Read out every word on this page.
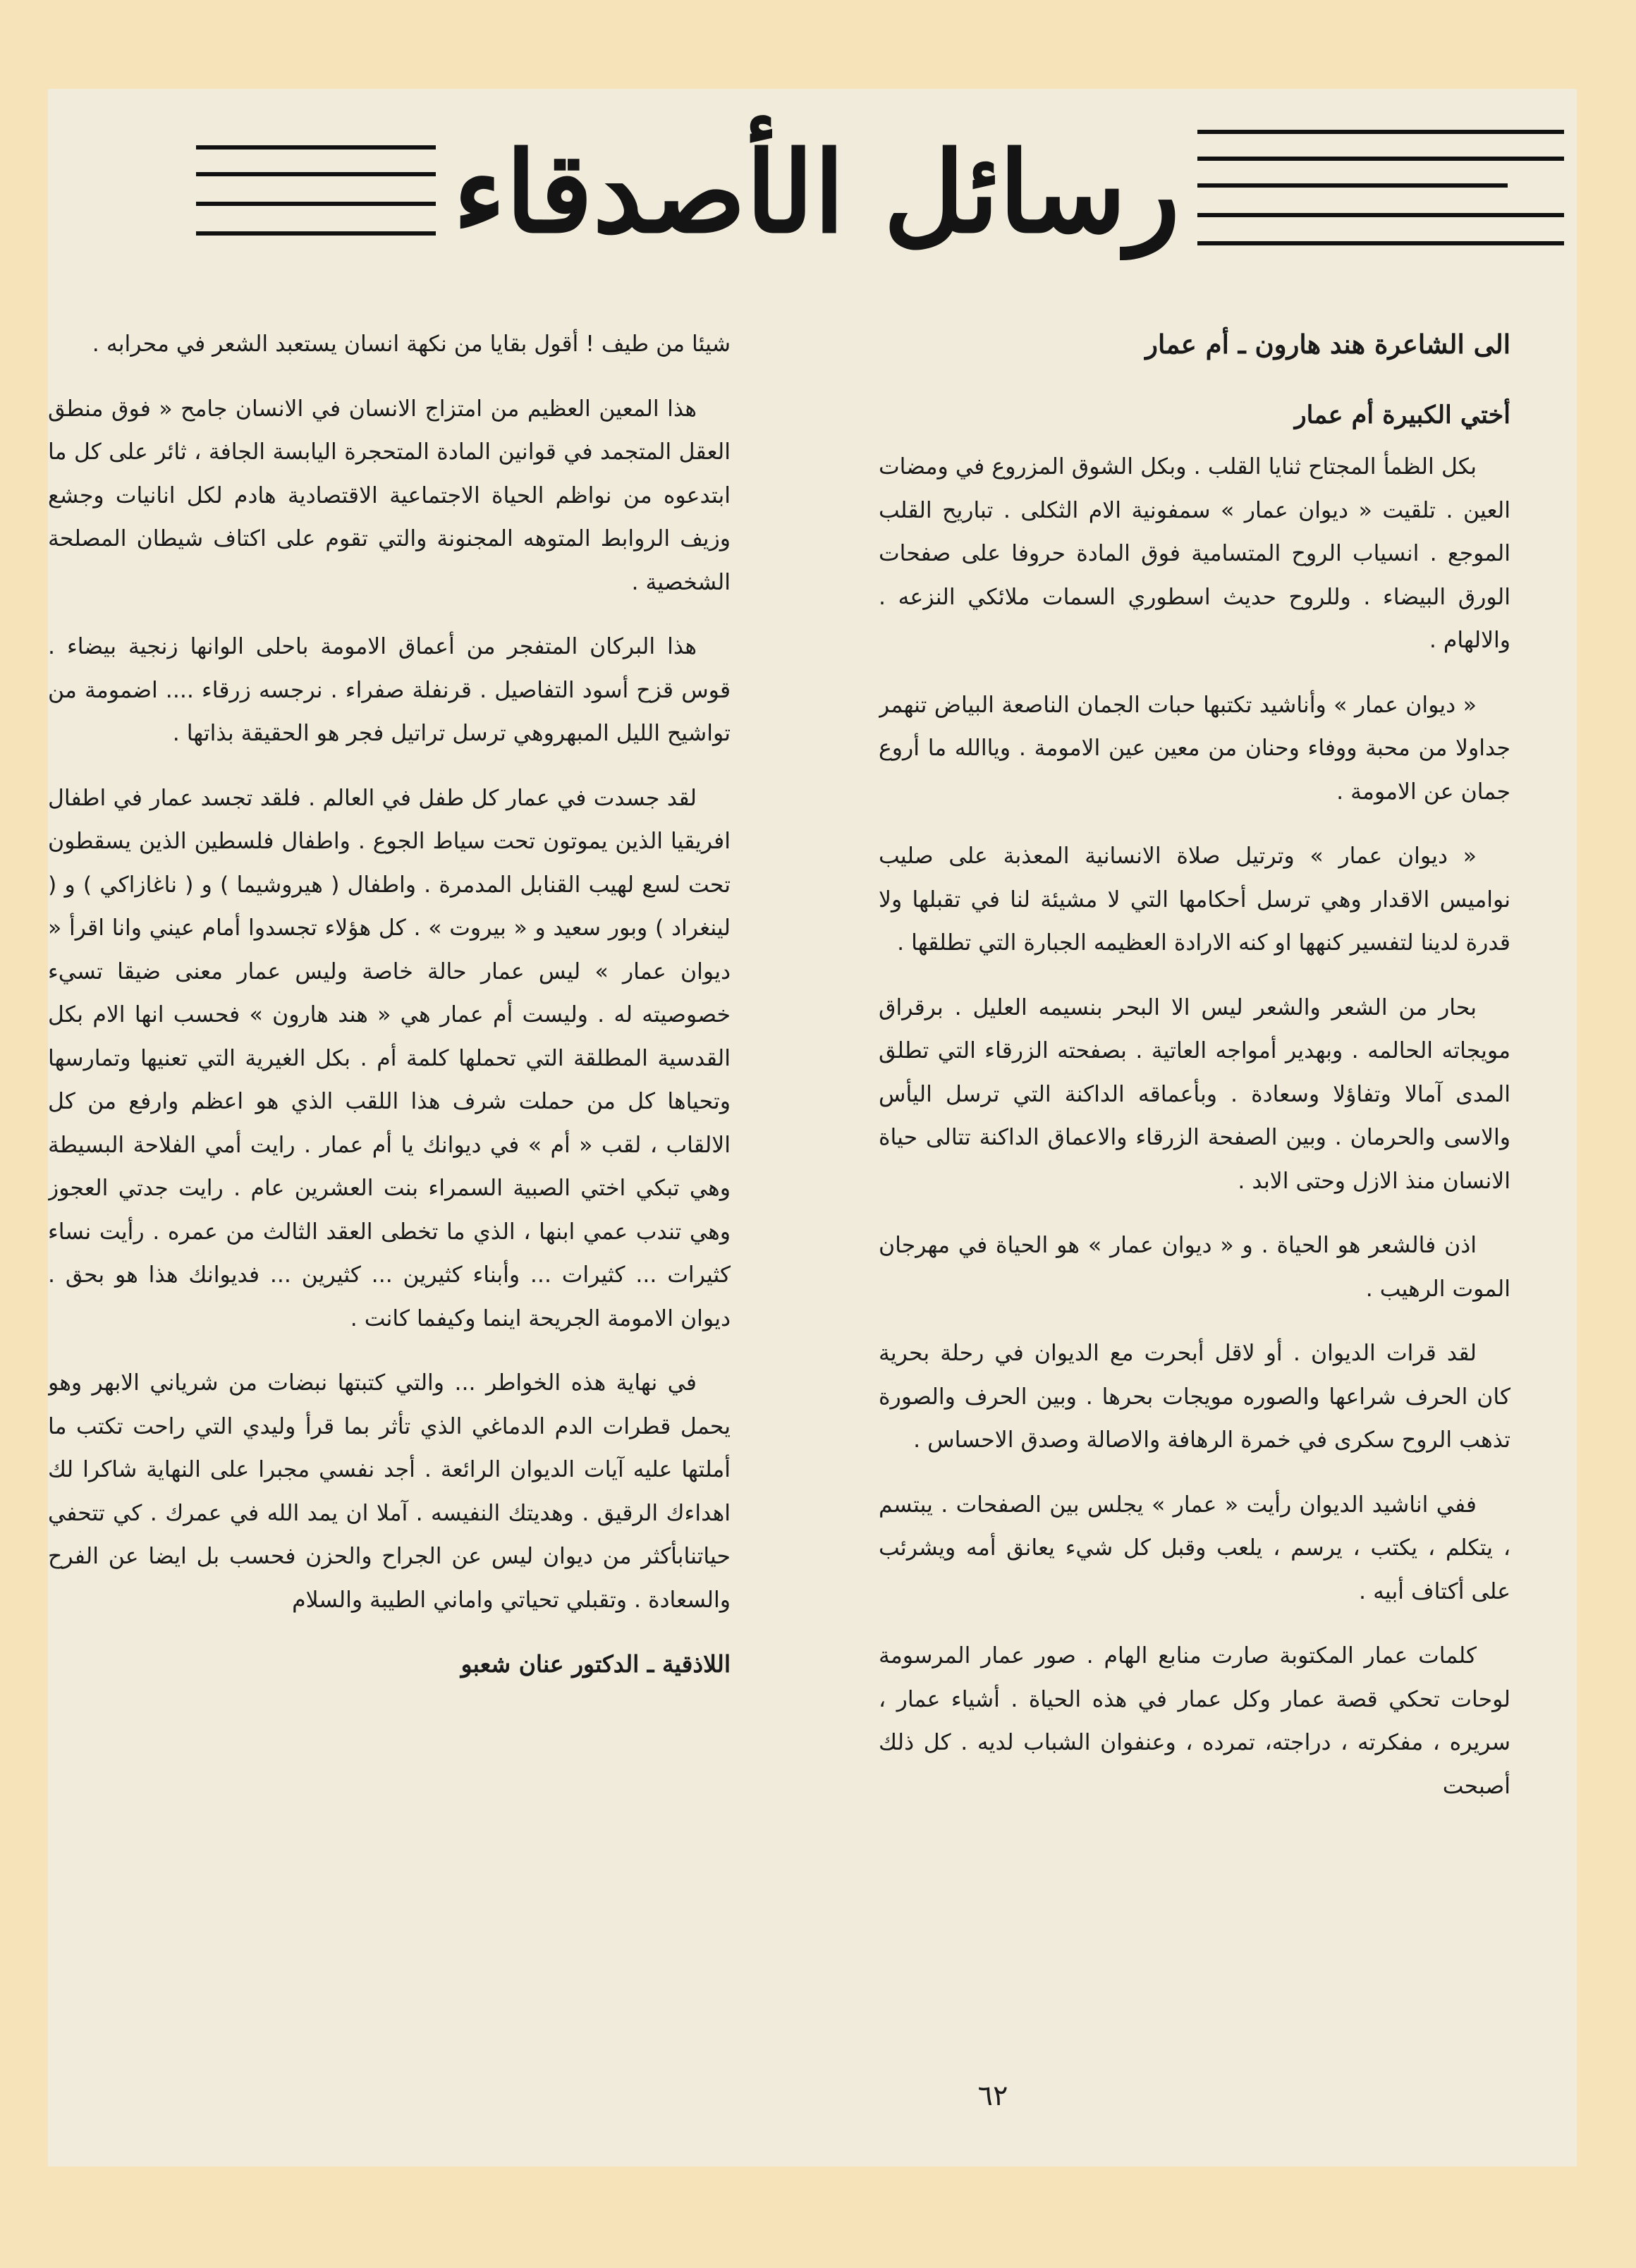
رسائل الأصدقاء
الى الشاعرة هند هارون ـ أم عمار
أختي الكبيرة أم عمار

بكل الظمأ المجتاح ثنايا القلب . وبكل الشوق المزروع في ومضات العين . تلقيت « ديوان عمار » سمفونية الام الثكلى . تباريح القلب الموجع . انسياب الروح المتسامية فوق المادة حروفا على صفحات الورق البيضاء . وللروح حديث اسطوري السمات ملائكي النزعه . والالهام .

« ديوان عمار » وأناشيد تكتبها حبات الجمان الناصعة البياض تنهمر جداولا من محبة ووفاء وحنان من معين عين الامومة . وياالله ما أروع جمان عن الامومة .

« ديوان عمار » وترتيل صلاة الانسانية المعذبة على صليب نواميس الاقدار وهي ترسل أحكامها التي لا مشيئة لنا في تقبلها ولا قدرة لدينا لتفسير كنهها او كنه الارادة العظيمه الجبارة التي تطلقها .

بحار من الشعر والشعر ليس الا البحر بنسيمه العليل . برقراق مويجاته الحالمه . وبهدير أمواجه العاتية . بصفحته الزرقاء التي تطلق المدى آمالا وتفاؤلا وسعادة . وبأعماقه الداكنة التي ترسل اليأس والاسى والحرمان . وبين الصفحة الزرقاء والاعماق الداكنة تتالى حياة الانسان منذ الازل وحتى الابد .

اذن فالشعر هو الحياة . و « ديوان عمار » هو الحياة في مهرجان الموت الرهيب .

لقد قرات الديوان . أو لاقل أبحرت مع الديوان في رحلة بحرية كان الحرف شراعها والصوره مويجات بحرها . وبين الحرف والصورة تذهب الروح سكرى في خمرة الرهافة والاصالة وصدق الاحساس .

ففي اناشيد الديوان رأيت « عمار » يجلس بين الصفحات . يبتسم ، يتكلم ، يكتب ، يرسم ، يلعب وقبل كل شيء يعانق أمه ويشرئب على أكتاف أبيه .

كلمات عمار المكتوبة صارت منابع الهام . صور عمار المرسومة لوحات تحكي قصة عمار وكل عمار في هذه الحياة . أشياء عمار ، سريره ، مفكرته ، دراجته، تمرده ، وعنفوان الشباب لديه . كل ذلك أصبحت

شيئا من طيف ! أقول بقايا من نكهة انسان يستعبد الشعر في محرابه .

هذا المعين العظيم من امتزاج الانسان في الانسان جامح « فوق منطق العقل المتجمد في قوانين المادة المتحجرة اليابسة الجافة ، ثائر على كل ما ابتدعوه من نواظم الحياة الاجتماعية الاقتصادية هادم لكل انانيات وجشع وزيف الروابط المتوهه المجنونة والتي تقوم على اكتاف شيطان المصلحة الشخصية .

هذا البركان المتفجر من أعماق الامومة باحلى الوانها زنجية بيضاء . قوس قزح أسود التفاصيل . قرنفلة صفراء . نرجسه زرقاء .... اضمومة من تواشيح الليل المبهروهي ترسل تراتيل فجر هو الحقيقة بذاتها .

لقد جسدت في عمار كل طفل في العالم . فلقد تجسد عمار في اطفال افريقيا الذين يموتون تحت سياط الجوع . واطفال فلسطين الذين يسقطون تحت لسع لهيب القنابل المدمرة . واطفال ( هيروشيما ) و ( ناغازاكي ) و ( لينغراد ) وبور سعيد و « بيروت » . كل هؤلاء تجسدوا أمام عيني وانا اقرأ « ديوان عمار » ليس عمار حالة خاصة وليس عمار معنى ضيقا تسيء خصوصيته له . وليست أم عمار هي « هند هارون » فحسب انها الام بكل القدسية المطلقة التي تحملها كلمة أم . بكل الغيرية التي تعنيها وتمارسها وتحياها كل من حملت شرف هذا اللقب الذي هو اعظم وارفع من كل الالقاب ، لقب « أم » في ديوانك يا أم عمار . رايت أمي الفلاحة البسيطة وهي تبكي اختي الصبية السمراء بنت العشرين عام . رايت جدتي العجوز وهي تندب عمي ابنها ، الذي ما تخطى العقد الثالث من عمره . رأيت نساء كثيرات ... كثيرات ... وأبناء كثيرين ... كثيرين ... فديوانك هذا هو بحق . ديوان الامومة الجريحة اينما وكيفما كانت .

في نهاية هذه الخواطر ... والتي كتبتها نبضات من شرياني الابهر وهو يحمل قطرات الدم الدماغي الذي تأثر بما قرأ وليدي التي راحت تكتب ما أملتها عليه آيات الديوان الرائعة . أجد نفسي مجبرا على النهاية شاكرا لك اهداءك الرقيق . وهديتك النفيسه . آملا ان يمد الله في عمرك . كي تتحفي حياتنابأكثر من ديوان ليس عن الجراح والحزن فحسب بل ايضا عن الفرح والسعادة . وتقبلي تحياتي واماني الطيبة والسلام

اللاذقية ـ الدكتور عنان شعبو
٦٢
